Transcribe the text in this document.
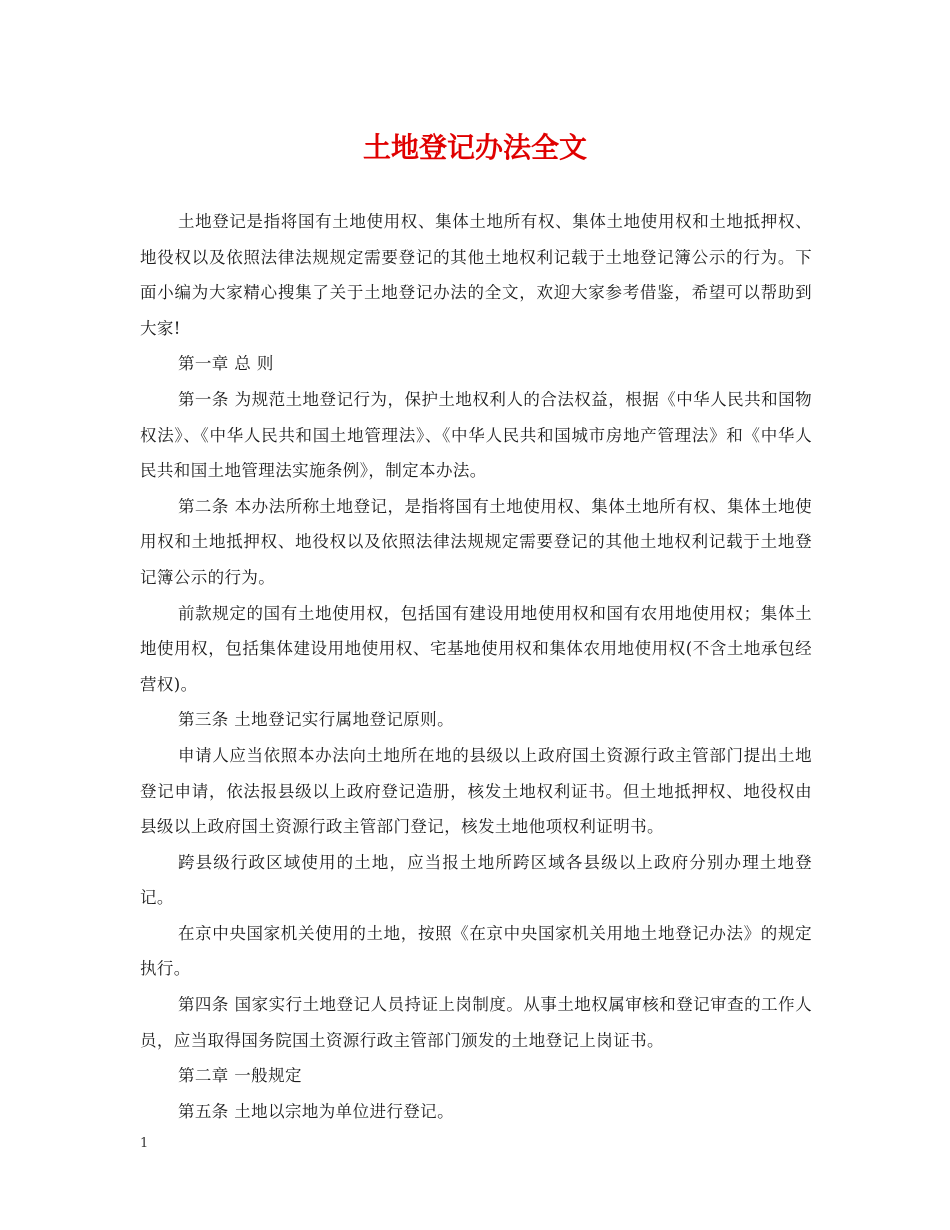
土地登记办法全文

土地登记是指将国有土地使用权、集体土地所有权、集体土地使用权和土地抵押权、地役权以及依照法律法规规定需要登记的其他土地权利记载于土地登记簿公示的行为。下面小编为大家精心搜集了关于土地登记办法的全文，欢迎大家参考借鉴，希望可以帮助到大家!

第一章 总 则

第一条 为规范土地登记行为，保护土地权利人的合法权益，根据《中华人民共和国物权法》、《中华人民共和国土地管理法》、《中华人民共和国城市房地产管理法》和《中华人民共和国土地管理法实施条例》，制定本办法。

第二条 本办法所称土地登记，是指将国有土地使用权、集体土地所有权、集体土地使用权和土地抵押权、地役权以及依照法律法规规定需要登记的其他土地权利记载于土地登记簿公示的行为。

前款规定的国有土地使用权，包括国有建设用地使用权和国有农用地使用权；集体土地使用权，包括集体建设用地使用权、宅基地使用权和集体农用地使用权(不含土地承包经营权)。

第三条 土地登记实行属地登记原则。

申请人应当依照本办法向土地所在地的县级以上政府国土资源行政主管部门提出土地登记申请，依法报县级以上政府登记造册，核发土地权利证书。但土地抵押权、地役权由县级以上政府国土资源行政主管部门登记，核发土地他项权利证明书。

跨县级行政区域使用的土地，应当报土地所跨区域各县级以上政府分别办理土地登记。

在京中央国家机关使用的土地，按照《在京中央国家机关用地土地登记办法》的规定执行。

第四条 国家实行土地登记人员持证上岗制度。从事土地权属审核和登记审查的工作人员，应当取得国务院国土资源行政主管部门颁发的土地登记上岗证书。

第二章 一般规定

第五条 土地以宗地为单位进行登记。

1
